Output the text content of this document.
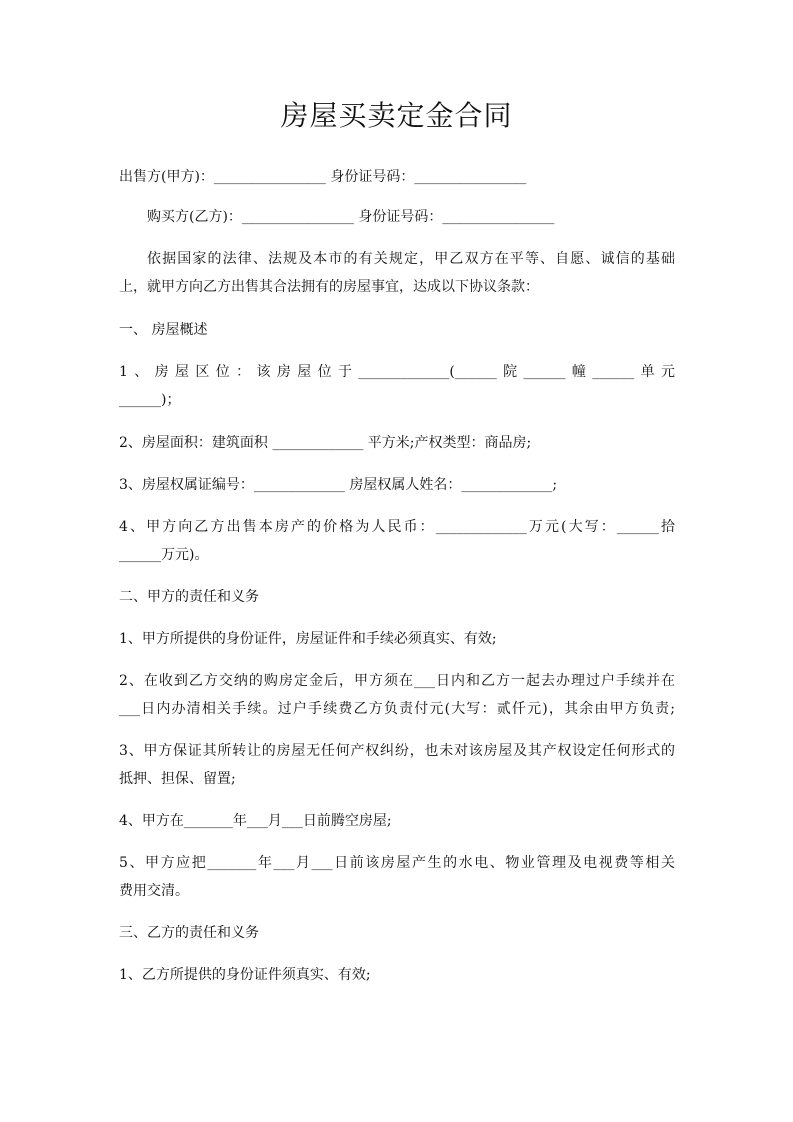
房屋买卖定金合同
出售方(甲方)：________________ 身份证号码：________________
购买方(乙方)：________________ 身份证号码：________________
依据国家的法律、法规及本市的有关规定，甲乙双方在平等、自愿、诚信的基础
上，就甲方向乙方出售其合法拥有的房屋事宜，达成以下协议条款：
一、 房屋概述
1、房屋区位：该房屋位于_____________(______院______幢______单元
______)；
2、房屋面积：建筑面积 _____________ 平方米;产权类型：商品房;
3、房屋权属证编号：_____________ 房屋权属人姓名：_____________;
4、甲方向乙方出售本房产的价格为人民币：_____________万元(大写：______拾
______万元)。
二、甲方的责任和义务
1、甲方所提供的身份证件，房屋证件和手续必须真实、有效;
2、在收到乙方交纳的购房定金后，甲方须在___日内和乙方一起去办理过户手续并在
___日内办清相关手续。过户手续费乙方负责付元(大写：贰仟元)，其余由甲方负责;
3、甲方保证其所转让的房屋无任何产权纠纷，也未对该房屋及其产权设定任何形式的
抵押、担保、留置;
4、甲方在_______年___月___日前腾空房屋;
5、甲方应把_______年___月___日前该房屋产生的水电、物业管理及电视费等相关
费用交清。
三、乙方的责任和义务
1、乙方所提供的身份证件须真实、有效;
